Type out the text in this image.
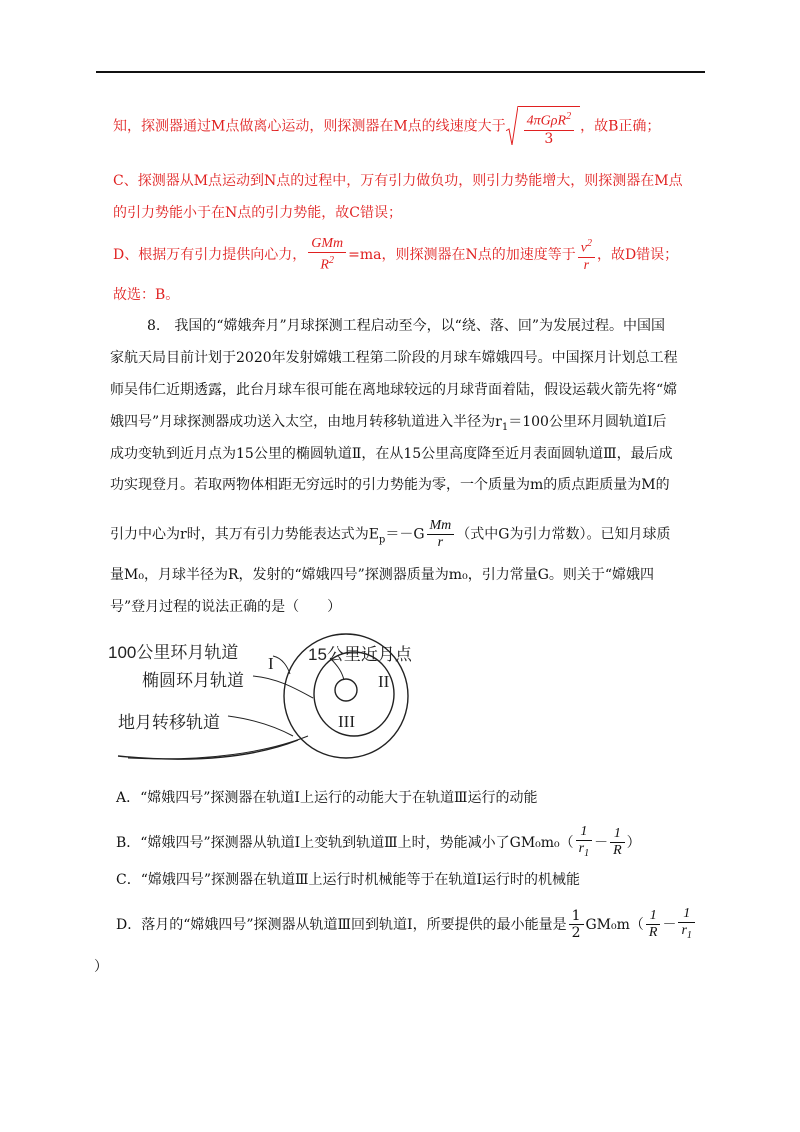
知，探测器通过M点做离心运动，则探测器在M点的线速度大于 $\frac{4\pi G\rho R^2}{3}$ ，故B正确；
C、探测器从M点运动到N点的过程中，万有引力做负功，则引力势能增大，则探测器在M点
的引力势能小于在N点的引力势能，故C错误；
D、根据万有引力提供向心力， $\frac{\text{GMm}}{R^2} =ma$，则探测器在N点的加速度等于 $\frac{v^2}{r}$ ，故D错误；
故选：B。
8.　我国的“嫦娥奔月”月球探测工程启动至今，以“绕、落、回”为发展过程。中国国
家航天局目前计划于2020年发射嫦娥工程第二阶段的月球车嫦娥四号。中国探月计划总工程
师吴伟仁近期透露，此台月球车很可能在离地球较远的月球背面着陆，假设运载火箭先将“嫦
娥四号”月球探测器成功送入太空，由地月转移轨道进入半径为$r_1=100$公里环月圆轨道Ⅰ后
成功变轨到近月点为15公里的椭圆轨道Ⅱ，在从15公里高度降至近月表面圆轨道Ⅲ，最后成
功实现登月。若取两物体相距无穷远时的引力势能为零，一个质量为m的质点距质量为M的
引力中心为r时，其万有引力势能表达式为$E_p=-G \frac{Mm}{r}$ （式中G为引力常数）。已知月球质
量M₀，月球半径为R，发射的“嫦娥四号”探测器质量为m₀，引力常量G。则关于“嫦娥四
号”登月过程的说法正确的是（　　）
100公里环月轨道
椭圆环月轨道
地月转移轨道
15公里近月点
I
II
III
A．“嫦娥四号”探测器在轨道Ⅰ上运行的动能大于在轨道Ⅲ运行的动能
B．“嫦娥四号”探测器从轨道Ⅰ上变轨到轨道Ⅲ上时，势能减小了$GM_0m_0( \frac{1}{r_1} - \frac{1}{R}$ ）
C．“嫦娥四号”探测器在轨道Ⅲ上运行时机械能等于在轨道Ⅰ运行时的机械能
D．落月的“嫦娥四号”探测器从轨道Ⅲ回到轨道Ⅰ，所要提供的最小能量是 $\frac{1}{2} GM_0m( \frac{1}{R} - \frac{1}{r_1}$
）
